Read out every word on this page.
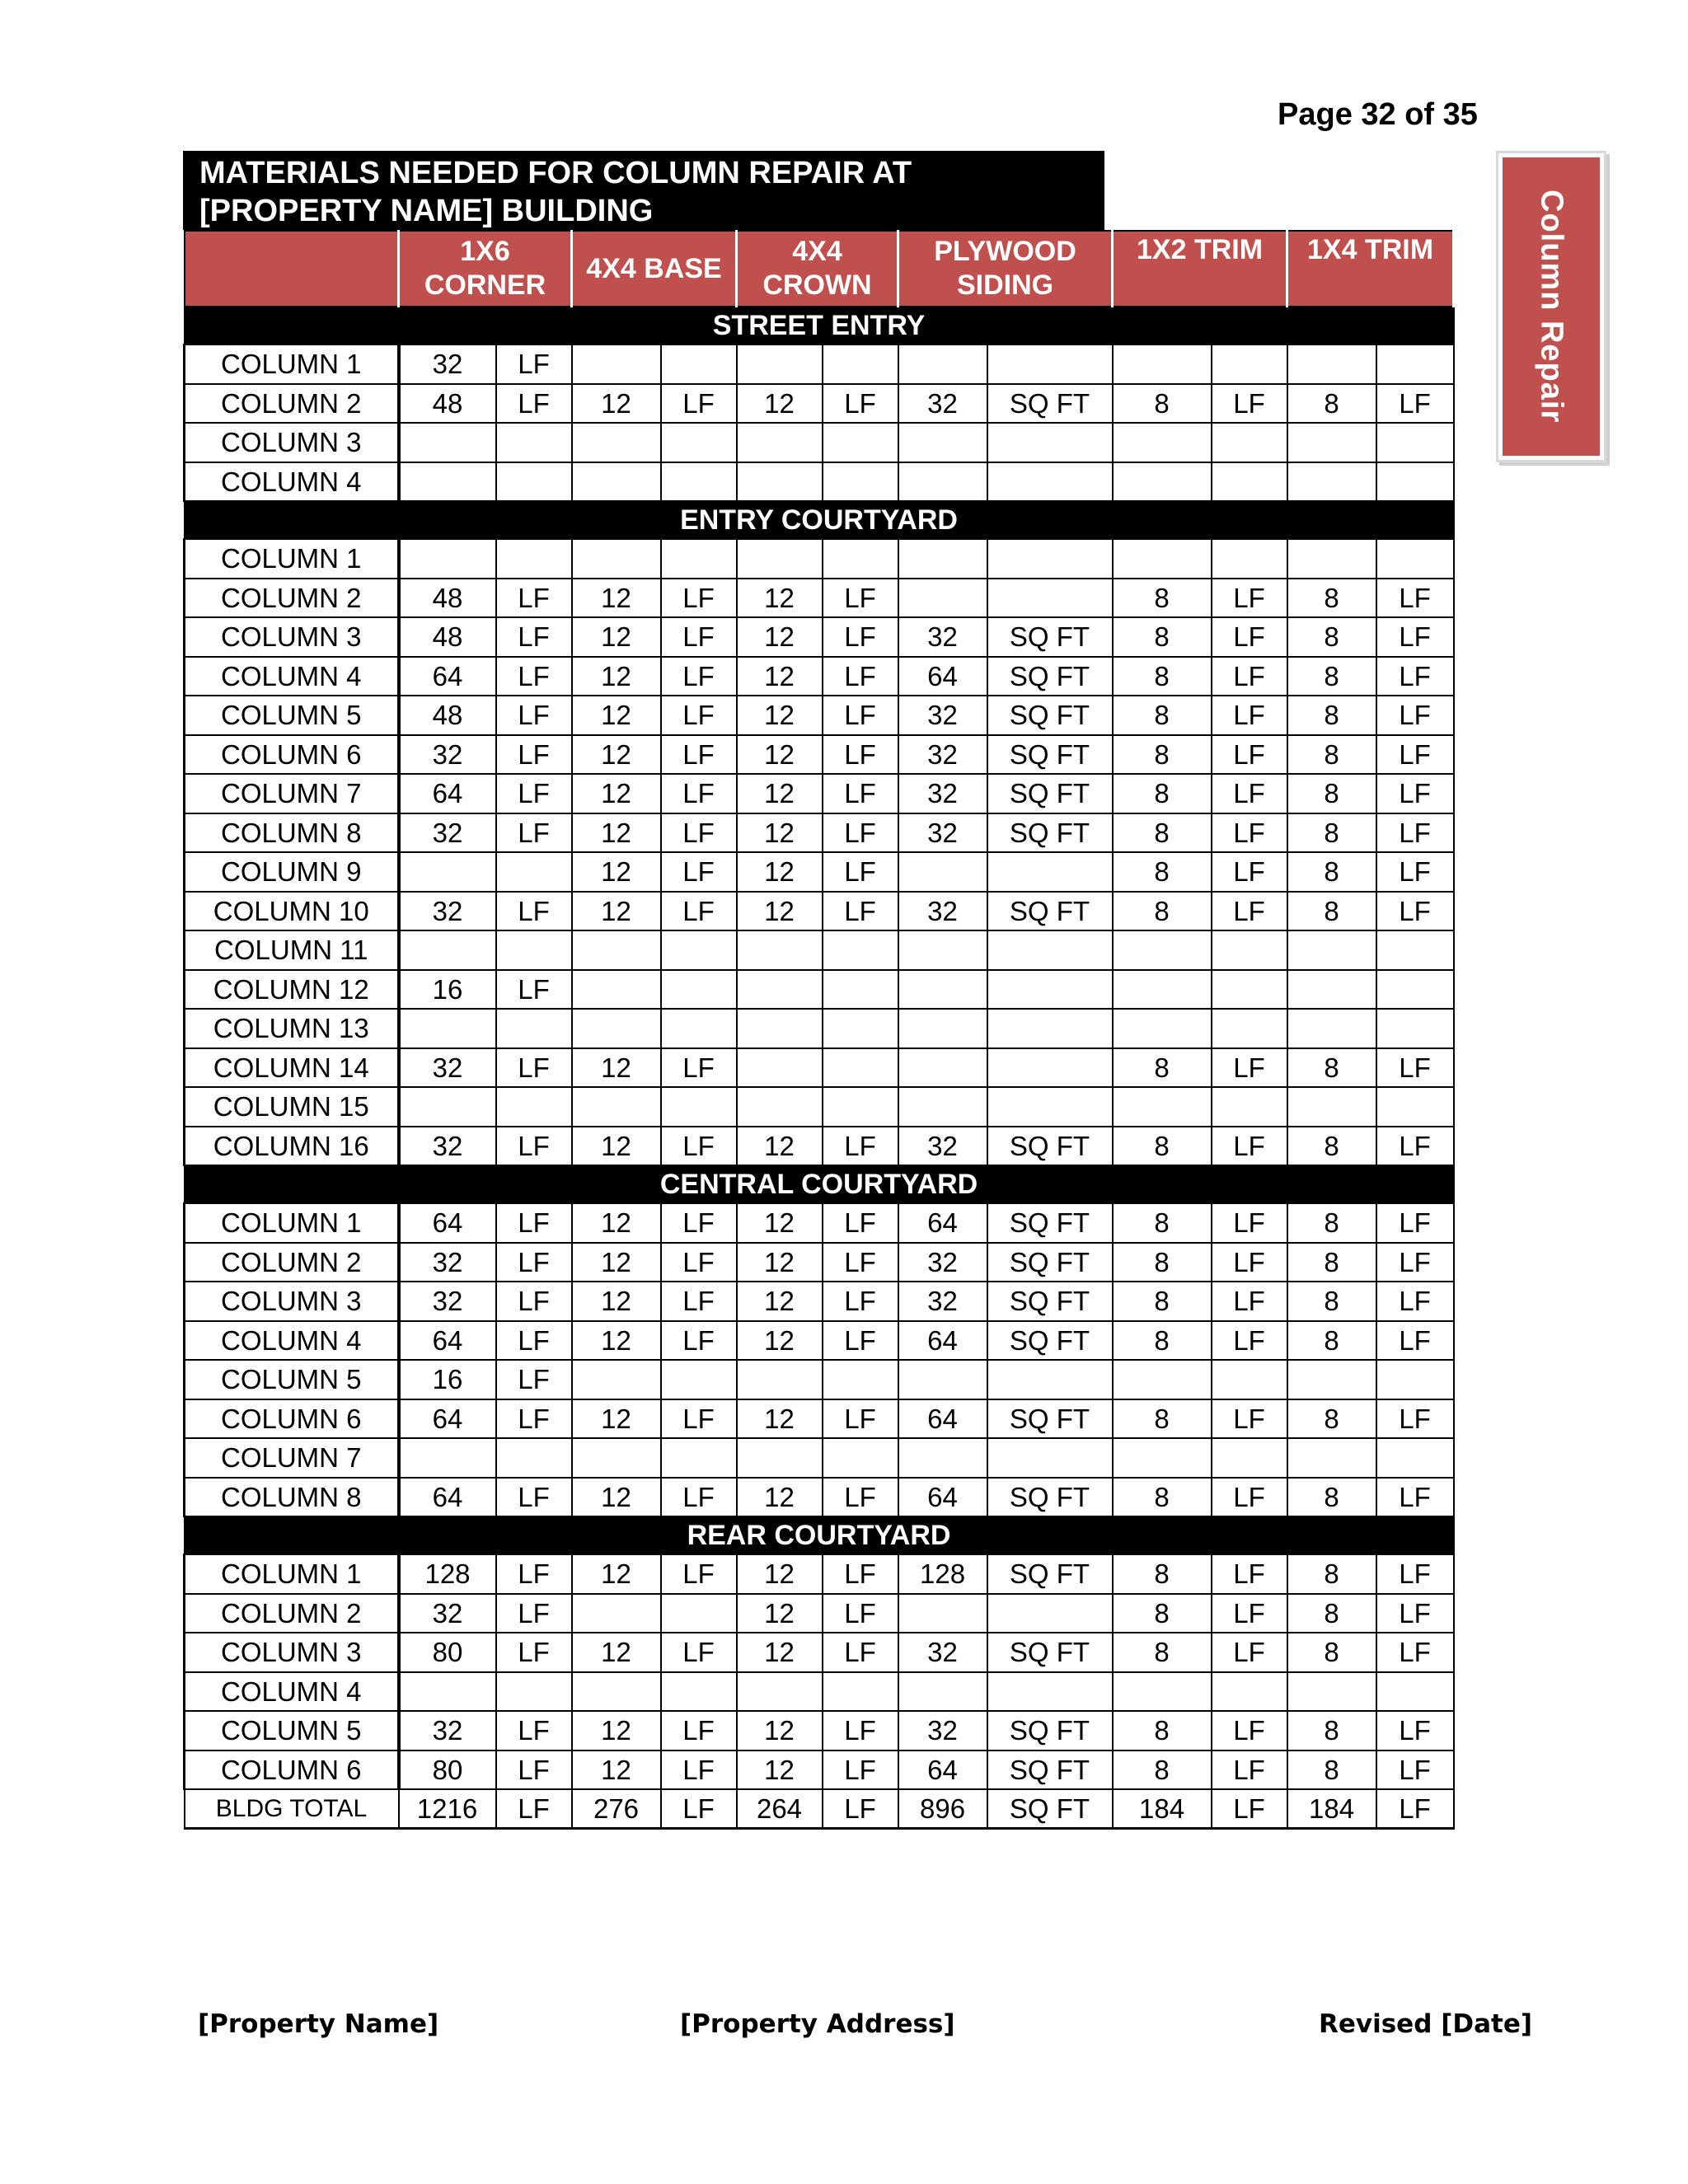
Page 32 of 35
Column Repair
MATERIALS NEEDED FOR COLUMN REPAIR AT
[PROPERTY NAME] BUILDING
	1X6 CORNER		4X4 BASE		4X4 CROWN		PLYWOOD SIDING		1X2 TRIM		1X4 TRIM	
STREET ENTRY												
COLUMN 1	32	LF										
COLUMN 2	48	LF	12	LF	12	LF	32	SQ FT	8	LF	8	LF
COLUMN 3												
COLUMN 4												
ENTRY COURTYARD												
COLUMN 1												
COLUMN 2	48	LF	12	LF	12	LF			8	LF	8	LF
COLUMN 3	48	LF	12	LF	12	LF	32	SQ FT	8	LF	8	LF
COLUMN 4	64	LF	12	LF	12	LF	64	SQ FT	8	LF	8	LF
COLUMN 5	48	LF	12	LF	12	LF	32	SQ FT	8	LF	8	LF
COLUMN 6	32	LF	12	LF	12	LF	32	SQ FT	8	LF	8	LF
COLUMN 7	64	LF	12	LF	12	LF	32	SQ FT	8	LF	8	LF
COLUMN 8	32	LF	12	LF	12	LF	32	SQ FT	8	LF	8	LF
COLUMN 9			12	LF	12	LF			8	LF	8	LF
COLUMN 10	32	LF	12	LF	12	LF	32	SQ FT	8	LF	8	LF
COLUMN 11												
COLUMN 12	16	LF										
COLUMN 13												
COLUMN 14	32	LF	12	LF					8	LF	8	LF
COLUMN 15												
COLUMN 16	32	LF	12	LF	12	LF	32	SQ FT	8	LF	8	LF
CENTRAL COURTYARD												
COLUMN 1	64	LF	12	LF	12	LF	64	SQ FT	8	LF	8	LF
COLUMN 2	32	LF	12	LF	12	LF	32	SQ FT	8	LF	8	LF
COLUMN 3	32	LF	12	LF	12	LF	32	SQ FT	8	LF	8	LF
COLUMN 4	64	LF	12	LF	12	LF	64	SQ FT	8	LF	8	LF
COLUMN 5	16	LF										
COLUMN 6	64	LF	12	LF	12	LF	64	SQ FT	8	LF	8	LF
COLUMN 7												
COLUMN 8	64	LF	12	LF	12	LF	64	SQ FT	8	LF	8	LF
REAR COURTYARD												
COLUMN 1	128	LF	12	LF	12	LF	128	SQ FT	8	LF	8	LF
COLUMN 2	32	LF			12	LF			8	LF	8	LF
COLUMN 3	80	LF	12	LF	12	LF	32	SQ FT	8	LF	8	LF
COLUMN 4												
COLUMN 5	32	LF	12	LF	12	LF	32	SQ FT	8	LF	8	LF
COLUMN 6	80	LF	12	LF	12	LF	64	SQ FT	8	LF	8	LF
BLDG TOTAL	1216	LF	276	LF	264	LF	896	SQ FT	184	LF	184	LF
[Property Name]	[Property Address]	Revised [Date]
